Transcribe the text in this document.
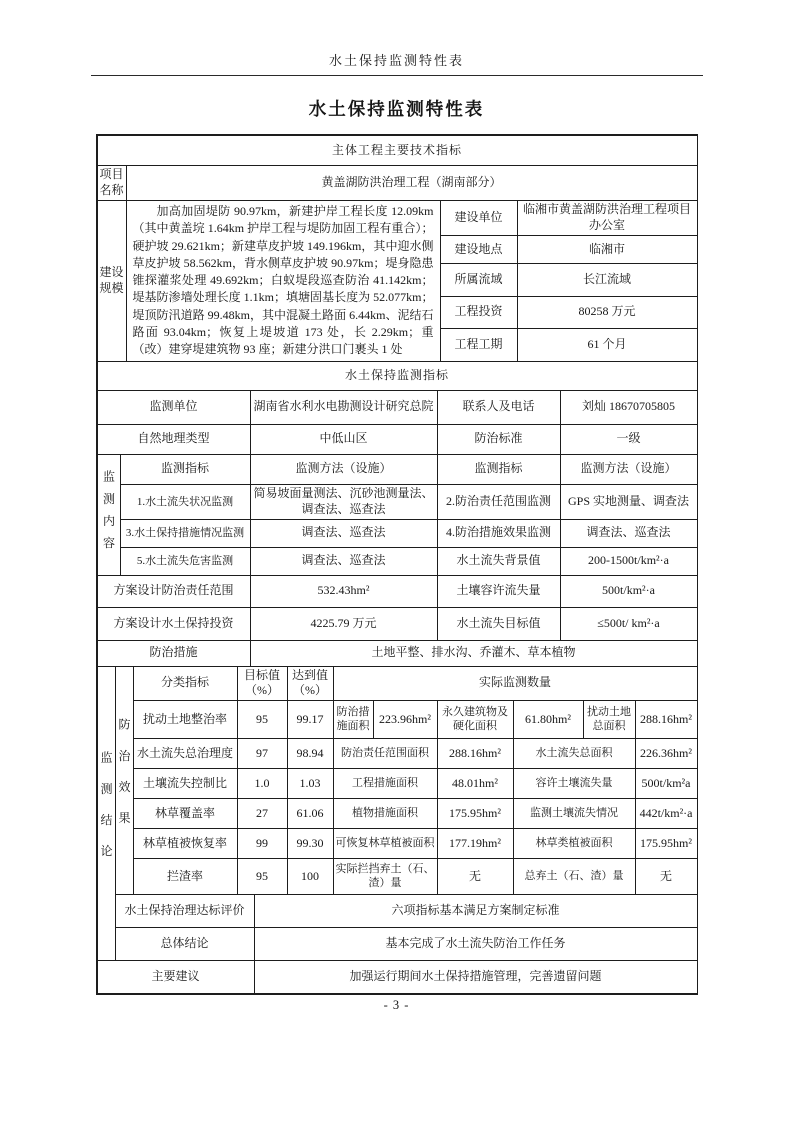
水土保持监测特性表
水土保持监测特性表
主体工程主要技术指标			
项目名称	黄盖湖防洪治理工程（湖南部分）		
建设规模	加高加固堤防 90.97km，新建护岸工程长度 12.09km（其中黄盖垸 1.64km 护岸工程与堤防加固工程有重合）；硬护坡 29.621km；新建草皮护坡 149.196km，其中迎水侧草皮护坡 58.562km，背水侧草皮护坡 90.97km；堤身隐患锥探灌浆处理 49.692km；白蚁堤段巡查防治 41.142km；堤基防渗墙处理长度 1.1km；填塘固基长度为 52.077km；堤顶防汛道路 99.48km，其中混凝土路面 6.44km、泥结石路面 93.04km；恢复上堤坡道 173 处，长 2.29km；重（改）建穿堤建筑物 93 座；新建分洪口门裹头 1 处	建设单位	临湘市黄盖湖防洪治理工程项目办公室
		建设地点	临湘市
		所属流域	长江流域
		工程投资	80258 万元
		工程工期	61 个月
水土保持监测指标				
监测单位		湖南省水利水电勘测设计研究总院	联系人及电话	刘灿 18670705805
自然地理类型		中低山区	防治标准	一级
监测内容	监测指标	监测方法（设施）	监测指标	监测方法（设施）
	1.水土流失状况监测	简易坡面量测法、沉砂池测量法、调查法、巡查法	2.防治责任范围监测	GPS 实地测量、调查法
	3.水土保持措施情况监测	调查法、巡查法	4.防治措施效果监测	调查法、巡查法
	5.水土流失危害监测	调查法、巡查法	水土流失背景值	200-1500t/km²·a
方案设计防治责任范围		532.43hm²	土壤容许流失量	500t/km²·a
方案设计水土保持投资		4225.79 万元	水土流失目标值	≤500t/ km²·a
防治措施		土地平整、排水沟、乔灌木、草本植物		
监测结论	防治效果	分类指标	目标值（%）		达到值（%）	实际监测数量					
		扰动土地整治率	95		99.17	防治措施面积	223.96hm²	永久建筑物及硬化面积	61.80hm²	扰动土地总面积	288.16hm²
		水土流失总治理度	97		98.94	防治责任范围面积		288.16hm²	水土流失总面积		226.36hm²
		土壤流失控制比	1.0		1.03	工程措施面积		48.01hm²	容许土壤流失量		500t/km²a
		林草覆盖率	27		61.06	植物措施面积		175.95hm²	监测土壤流失情况		442t/km²·a
		林草植被恢复率	99		99.30	可恢复林草植被面积		177.19hm²	林草类植被面积		175.95hm²
		拦渣率	95		100	实际拦挡弃土（石、渣）量		无	总弃土（石、渣）量		无
	水土保持治理达标评价			六项指标基本满足方案制定标准							
	总体结论			基本完成了水土流失防治工作任务							
主要建议				加强运行期间水土保持措施管理，完善遗留问题							
- 3 -
